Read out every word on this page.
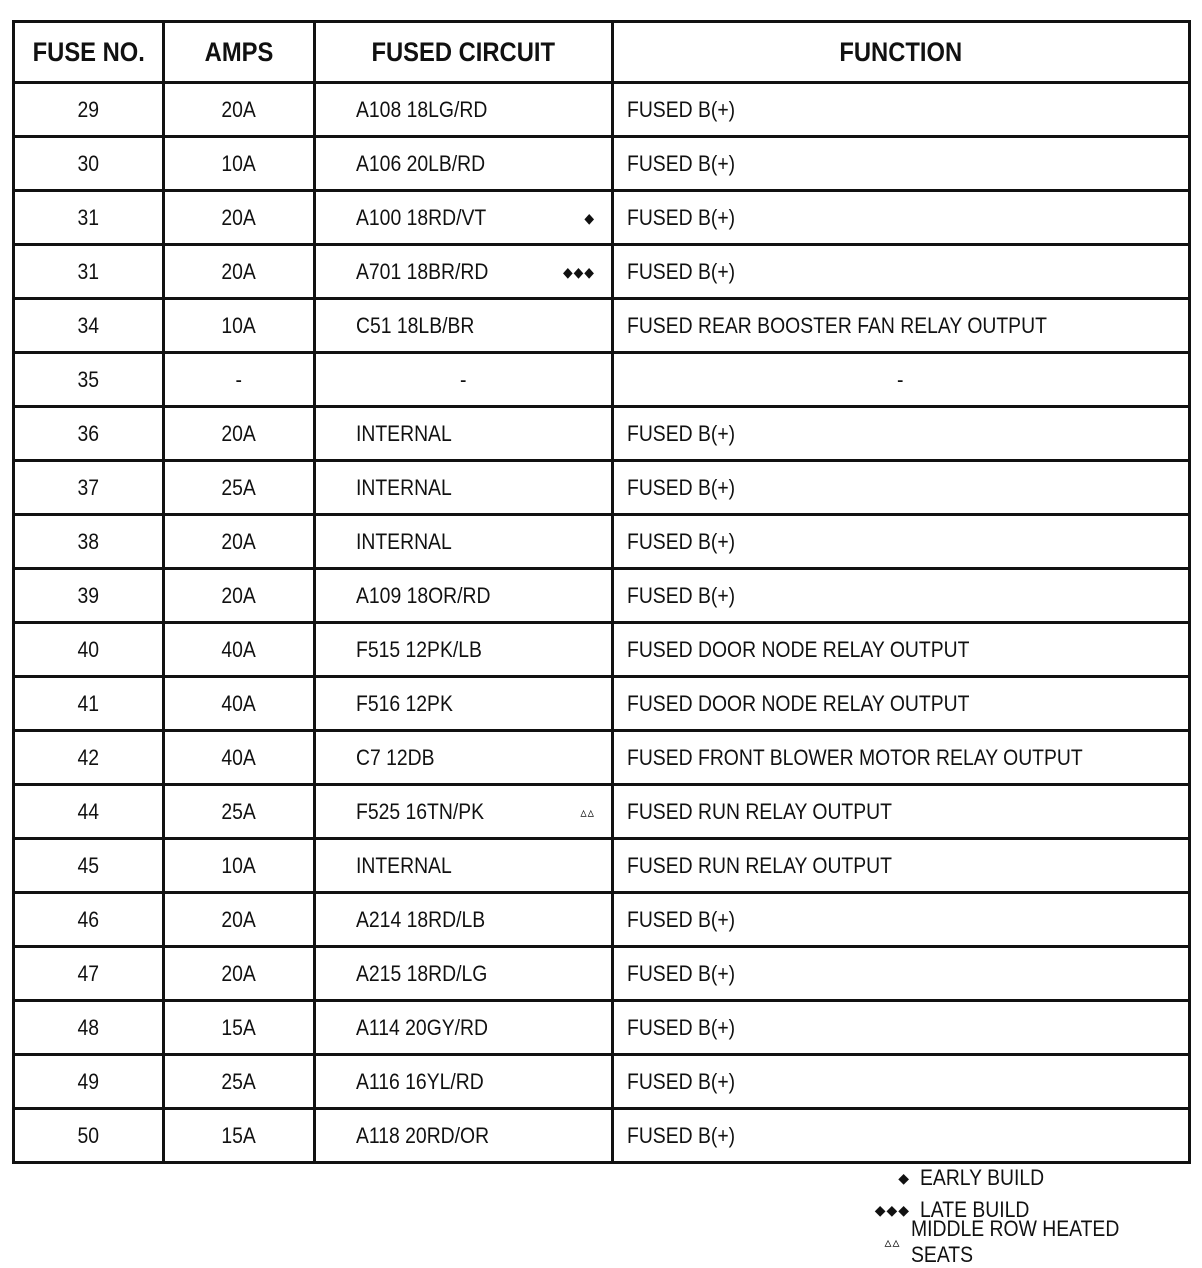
FUSE NO.	AMPS	FUSED CIRCUIT	FUNCTION
29	20A	A108 18LG/RD	FUSED B(+)
30	10A	A106 20LB/RD	FUSED B(+)
31	20A	A100 18RD/VT ◆	FUSED B(+)
31	20A	A701 18BR/RD ◆◆◆	FUSED B(+)
34	10A	C51 18LB/BR	FUSED REAR BOOSTER FAN RELAY OUTPUT
35	-	-	-
36	20A	INTERNAL	FUSED B(+)
37	25A	INTERNAL	FUSED B(+)
38	20A	INTERNAL	FUSED B(+)
39	20A	A109 18OR/RD	FUSED B(+)
40	40A	F515 12PK/LB	FUSED DOOR NODE RELAY OUTPUT
41	40A	F516 12PK	FUSED DOOR NODE RELAY OUTPUT
42	40A	C7 12DB	FUSED FRONT BLOWER MOTOR RELAY OUTPUT
44	25A	F525 16TN/PK ▵▵	FUSED RUN RELAY OUTPUT
45	10A	INTERNAL	FUSED RUN RELAY OUTPUT
46	20A	A214 18RD/LB	FUSED B(+)
47	20A	A215 18RD/LG	FUSED B(+)
48	15A	A114 20GY/RD	FUSED B(+)
49	25A	A116 16YL/RD	FUSED B(+)
50	15A	A118 20RD/OR	FUSED B(+)
◆ EARLY BUILD
◆◆◆ LATE BUILD
▵▵
MIDDLE ROW HEATED SEATS
